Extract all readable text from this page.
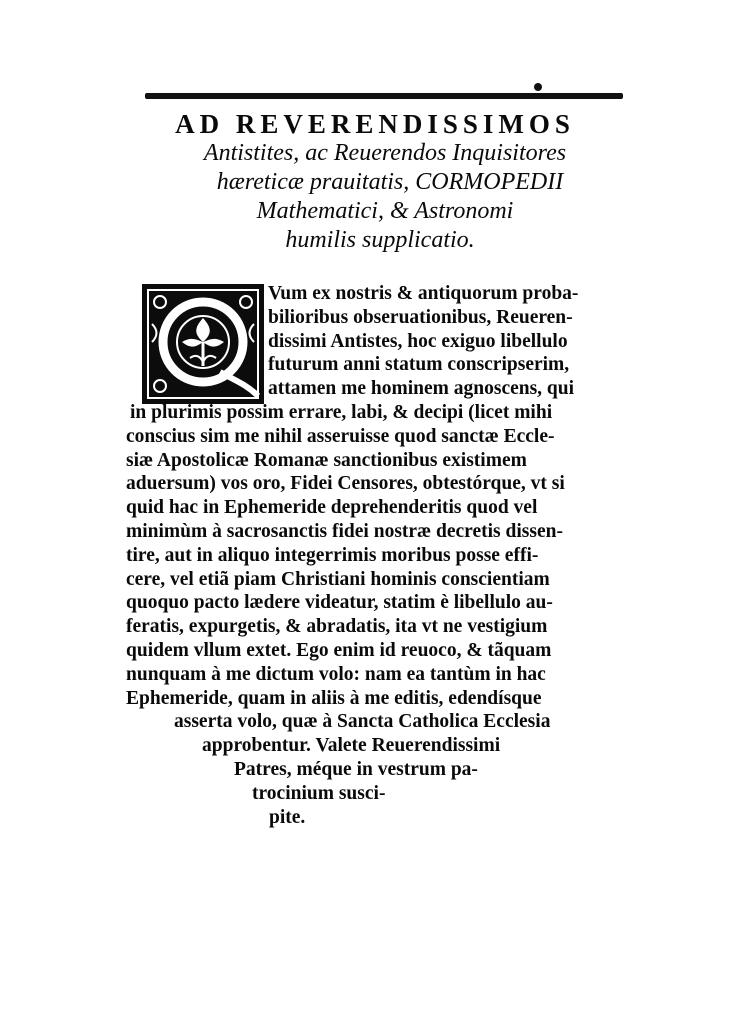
AD REVERENDISSIMOS
Antistites, ac Reuerendos Inquisitores
hæreticæ prauitatis, CORMOPEDII
Mathematici, & Astronomi
humilis supplicatio.
Vum ex nostris & antiquorum proba-
bilioribus obseruationibus, Reueren-
dissimi Antistes, hoc exiguo libellulo
futurum anni statum conscripserim,
attamen me hominem agnoscens, qui
in plurimis possim errare, labi, & decipi (licet mihi
conscius sim me nihil asseruisse quod sanctæ Eccle-
siæ Apostolicæ Romanæ sanctionibus existimem
aduersum) vos oro, Fidei Censores, obtestórque, vt si
quid hac in Ephemeride deprehenderitis quod vel
minimùm à sacrosanctis fidei nostræ decretis dissen-
tire, aut in aliquo integerrimis moribus posse effi-
cere, vel etiã piam Christiani hominis conscientiam
quoquo pacto lædere videatur, statim è libellulo au-
feratis, expurgetis, & abradatis, ita vt ne vestigium
quidem vllum extet. Ego enim id reuoco, & tãquam
nunquam à me dictum volo: nam ea tantùm in hac
Ephemeride, quam in aliis à me editis, edendísque
asserta volo, quæ à Sancta Catholica Ecclesia
approbentur. Valete Reuerendissimi
Patres, méque in vestrum pa-
trocinium susci-
pite.
